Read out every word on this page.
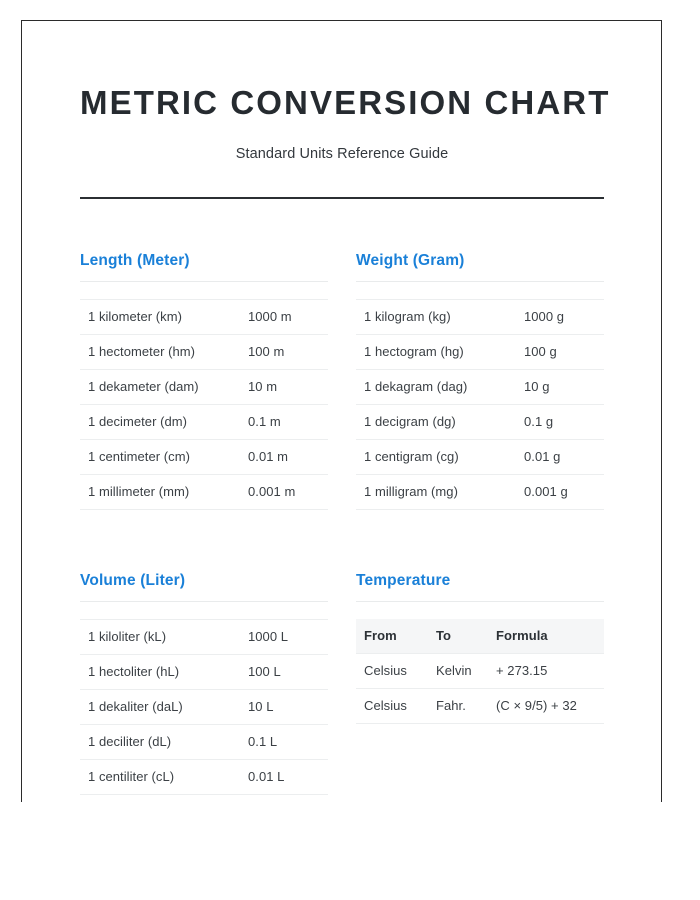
METRIC CONVERSION CHART

Standard Units Reference Guide

Length (Meter)
1 kilometer (km)	1000 m
1 hectometer (hm)	100 m
1 dekameter (dam)	10 m
1 decimeter (dm)	0.1 m
1 centimeter (cm)	0.01 m
1 millimeter (mm)	0.001 m
Weight (Gram)
1 kilogram (kg)	1000 g
1 hectogram (hg)	100 g
1 dekagram (dag)	10 g
1 decigram (dg)	0.1 g
1 centigram (cg)	0.01 g
1 milligram (mg)	0.001 g
Volume (Liter)
1 kiloliter (kL)	1000 L
1 hectoliter (hL)	100 L
1 dekaliter (daL)	10 L
1 deciliter (dL)	0.1 L
1 centiliter (cL)	0.01 L
Temperature
From	To	Formula
Celsius	Kelvin	+ 273.15
Celsius	Fahr.	(C × 9/5) + 32
